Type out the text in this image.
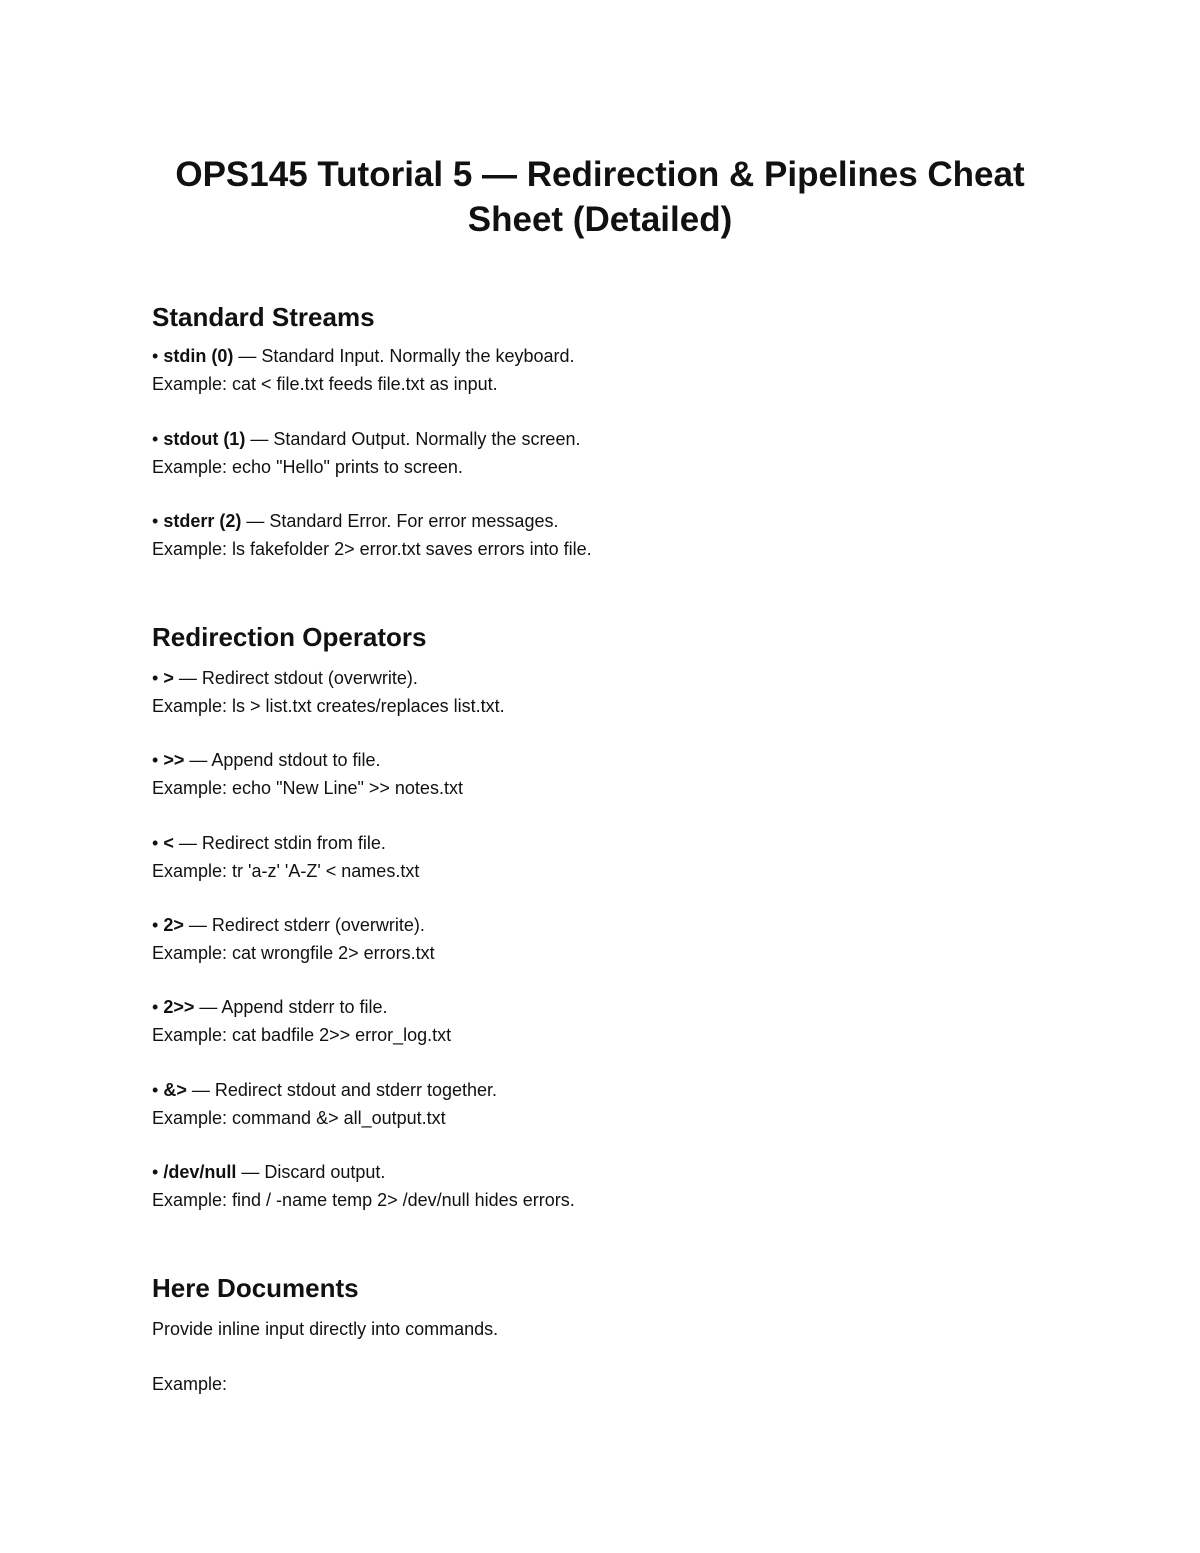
OPS145 Tutorial 5 — Redirection & Pipelines Cheat Sheet (Detailed)
Standard Streams
• stdin (0) — Standard Input. Normally the keyboard.
Example: cat < file.txt feeds file.txt as input.
• stdout (1) — Standard Output. Normally the screen.
Example: echo "Hello" prints to screen.
• stderr (2) — Standard Error. For error messages.
Example: ls fakefolder 2> error.txt saves errors into file.
Redirection Operators
• > — Redirect stdout (overwrite).
Example: ls > list.txt creates/replaces list.txt.
• >> — Append stdout to file.
Example: echo "New Line" >> notes.txt
• < — Redirect stdin from file.
Example: tr 'a-z' 'A-Z' < names.txt
• 2> — Redirect stderr (overwrite).
Example: cat wrongfile 2> errors.txt
• 2>> — Append stderr to file.
Example: cat badfile 2>> error_log.txt
• &> — Redirect stdout and stderr together.
Example: command &> all_output.txt
• /dev/null — Discard output.
Example: find / -name temp 2> /dev/null hides errors.
Here Documents
Provide inline input directly into commands.
Example:
